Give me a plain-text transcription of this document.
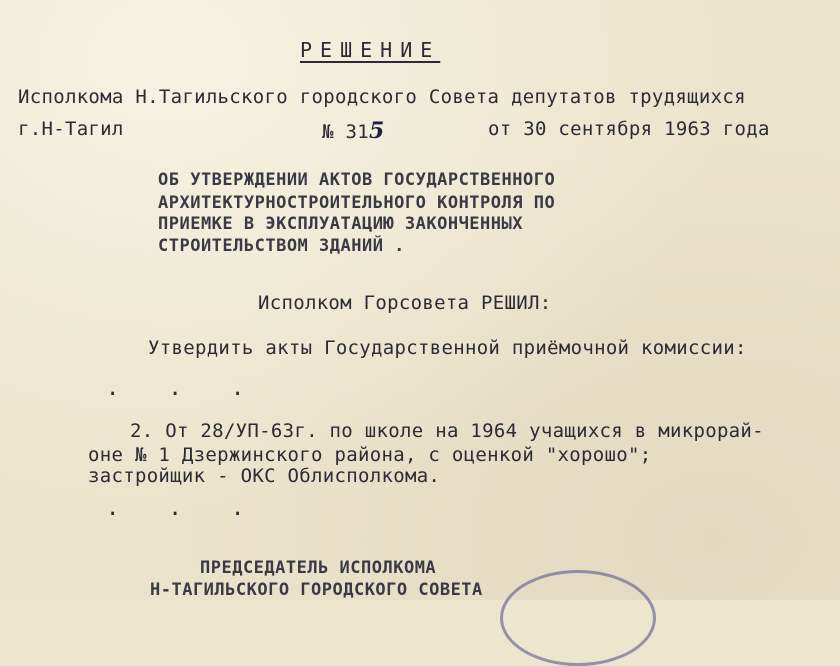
РЕШЕНИЕ
Исполкома Н.Тагильского городского Совета депутатов трудящихся
г.Н-Тагил	№ 315	от 30 сентября 1963 года
ОБ УТВЕРЖДЕНИИ АКТОВ ГОСУДАРСТВЕННОГО
АРХИТЕКТУРНОСТРОИТЕЛЬНОГО КОНТРОЛЯ ПО
ПРИЕМКЕ В ЭКСПЛУАТАЦИЮ ЗАКОНЧЕННЫХ
СТРОИТЕЛЬСТВОМ ЗДАНИЙ .
Исполком Горсовета РЕШИЛ:
Утвердить акты Государственной приёмочной комиссии:
. . .
2. От 28/УП-63г. по школе на 1964 учащихся в микрорай-
оне № 1 Дзержинского района, с оценкой "хорошо";
застройщик - ОКС Облисполкома.
. . .
ПРЕДСЕДАТЕЛЬ ИСПОЛКОМА
Н-ТАГИЛЬСКОГО ГОРОДСКОГО СОВЕТА
